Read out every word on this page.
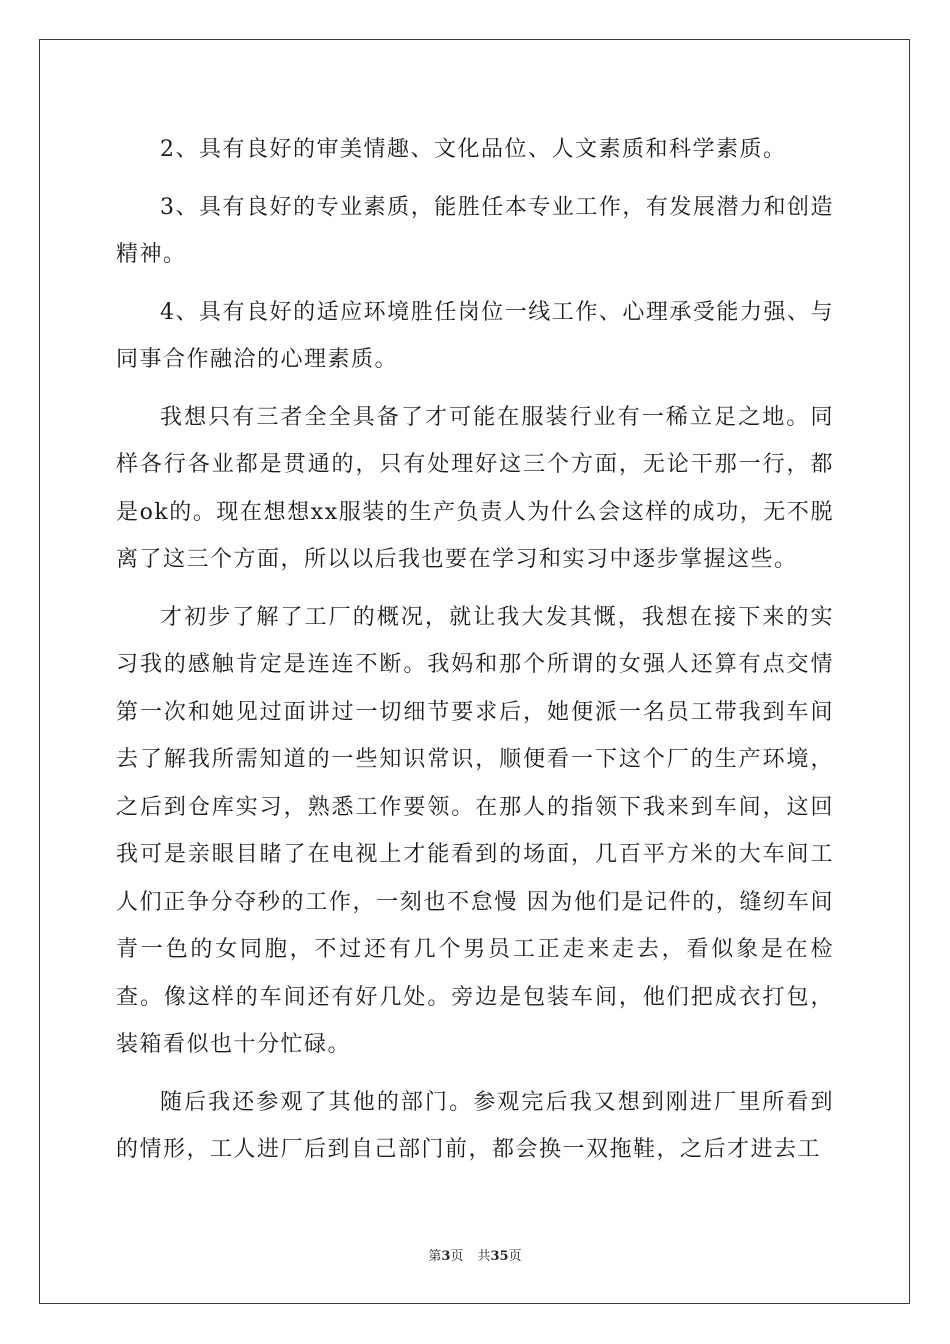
2、具有良好的审美情趣、文化品位、人文素质和科学素质。

3、具有良好的专业素质，能胜任本专业工作，有发展潜力和创造精神。

4、具有良好的适应环境胜任岗位一线工作、心理承受能力强、与同事合作融洽的心理素质。

我想只有三者全全具备了才可能在服装行业有一稀立足之地。同样各行各业都是贯通的，只有处理好这三个方面，无论干那一行，都是ok的。现在想想xx服装的生产负责人为什么会这样的成功，无不脱离了这三个方面，所以以后我也要在学习和实习中逐步掌握这些。

才初步了解了工厂的概况，就让我大发其慨，我想在接下来的实习我的感触肯定是连连不断。我妈和那个所谓的女强人还算有点交情第一次和她见过面讲过一切细节要求后，她便派一名员工带我到车间去了解我所需知道的一些知识常识，顺便看一下这个厂的生产环境，之后到仓库实习，熟悉工作要领。在那人的指领下我来到车间，这回我可是亲眼目睹了在电视上才能看到的场面，几百平方米的大车间工人们正争分夺秒的工作，一刻也不怠慢 因为他们是记件的，缝纫车间青一色的女同胞，不过还有几个男员工正走来走去，看似象是在检查。像这样的车间还有好几处。旁边是包装车间，他们把成衣打包，装箱看似也十分忙碌。

随后我还参观了其他的部门。参观完后我又想到刚进厂里所看到的情形，工人进厂后到自己部门前，都会换一双拖鞋，之后才进去工

第3页 共35页
